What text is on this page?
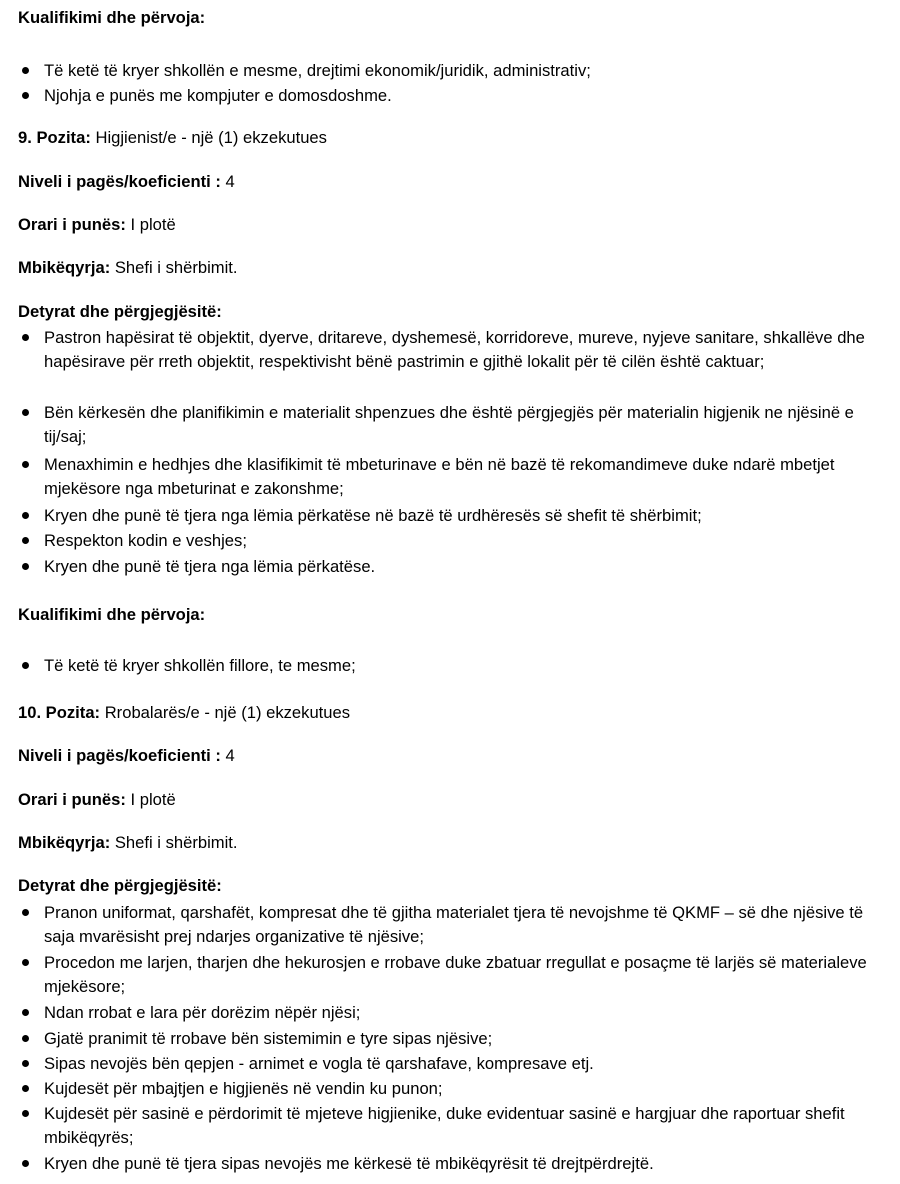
Kualifikimi dhe përvoja:
Të ketë të kryer shkollën e mesme, drejtimi ekonomik/juridik, administrativ;
Njohja e punës me kompjuter e domosdoshme.
9. Pozita: Higjienist/e - një (1) ekzekutues
Niveli i pagës/koeficienti : 4
Orari i punës: I plotë
Mbikëqyrja: Shefi i shërbimit.
Detyrat dhe përgjegjësitë:
Pastron hapësirat të objektit, dyerve, dritareve, dyshemesë, korridoreve, mureve, nyjeve sanitare, shkallëve dhe hapësirave për rreth objektit, respektivisht bënë pastrimin e gjithë lokalit për të cilën është caktuar;
Bën kërkesën dhe planifikimin e materialit shpenzues dhe është përgjegjës për materialin higjenik ne njësinë e tij/saj;
Menaxhimin e hedhjes dhe klasifikimit të mbeturinave e bën në bazë të rekomandimeve duke ndarë mbetjet mjekësore nga mbeturinat e zakonshme;
Kryen dhe punë të tjera nga lëmia përkatëse në bazë të urdhëresës së shefit të shërbimit;
Respekton kodin e veshjes;
Kryen dhe punë të tjera nga lëmia përkatëse.
Kualifikimi dhe përvoja:
Të ketë të kryer shkollën fillore, te mesme;
10. Pozita: Rrobalarës/e - një (1) ekzekutues
Niveli i pagës/koeficienti : 4
Orari i punës: I plotë
Mbikëqyrja: Shefi i shërbimit.
Detyrat dhe përgjegjësitë:
Pranon uniformat, qarshafët, kompresat dhe të gjitha materialet tjera të nevojshme të QKMF – së dhe njësive të saja mvarësisht prej ndarjes organizative të njësive;
Procedon me larjen, tharjen dhe hekurosjen e rrobave duke zbatuar rregullat e posaçme të larjës së materialeve mjekësore;
Ndan rrobat e lara për dorëzim nëpër njësi;
Gjatë pranimit të rrobave bën sistemimin e tyre sipas njësive;
Sipas nevojës bën qepjen - arnimet e vogla të qarshafave, kompresave etj.
Kujdesët për mbajtjen e higjienës në vendin ku punon;
Kujdesët për sasinë e përdorimit të mjeteve higjienike, duke evidentuar sasinë e hargjuar dhe raportuar shefit mbikëqyrës;
Kryen dhe punë të tjera sipas nevojës me kërkesë të mbikëqyrësit të drejtpërdrejtë.
